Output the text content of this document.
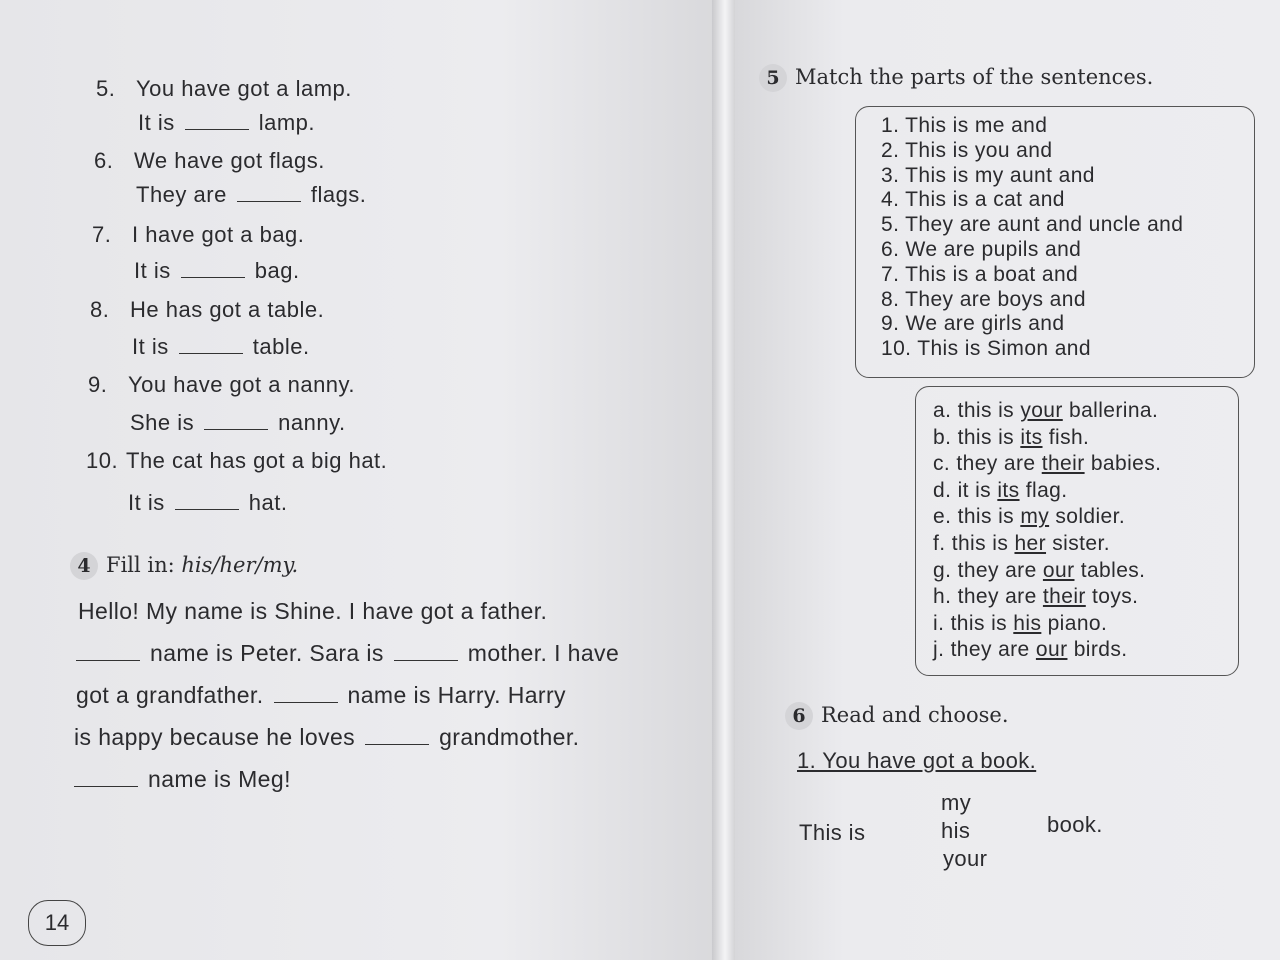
5. You have got a lamp.
It is	lamp.
6. We have got flags.
They are	flags.
7. I have got a bag.
It is	bag.
8. He has got a table.
It is	table.
9. You have got a nanny.
She is	nanny.
10. The cat has got a big hat.
It is	hat.
4 Fill in: his/her/my.
Hello! My name is Shine. I have got a father.
name is Peter. Sara is	mother. I have
got a grandfather.	name is Harry. Harry
is happy because he loves	grandmother.
name is Meg!
14
5 Match the parts of the sentences.
1. This is me and
2. This is you and
3. This is my aunt and
4. This is a cat and
5. They are aunt and uncle and
6. We are pupils and
7. This is a boat and
8. They are boys and
9. We are girls and
10. This is Simon and
a. this is your ballerina.
b. this is its fish.
c. they are their babies.
d. it is its flag.
e. this is my soldier.
f. this is her sister.
g. they are our tables.
h. they are their toys.
i. this is his piano.
j. they are our birds.
6 Read and choose.
1. You have got a book.
This is
my
his
your
book.
